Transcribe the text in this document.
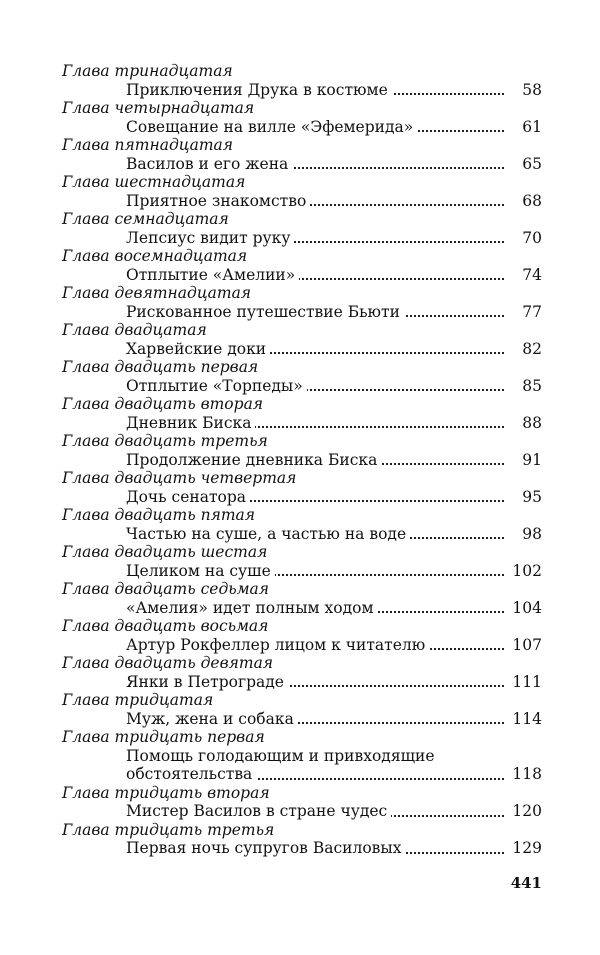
Глава тринадцатая
Приключения Друка в костюме	58
Глава четырнадцатая
Совещание на вилле «Эфемерида»	61
Глава пятнадцатая
Василов и его жена	65
Глава шестнадцатая
Приятное знакомство	68
Глава семнадцатая
Лепсиус видит руку	70
Глава восемнадцатая
Отплытие «Амелии»	74
Глава девятнадцатая
Рискованное путешествие Бьюти	77
Глава двадцатая
Харвейские доки	82
Глава двадцать первая
Отплытие «Торпеды»	85
Глава двадцать вторая
Дневник Биска	88
Глава двадцать третья
Продолжение дневника Биска	91
Глава двадцать четвертая
Дочь сенатора	95
Глава двадцать пятая
Частью на суше, а частью на воде	98
Глава двадцать шестая
Целиком на суше	102
Глава двадцать седьмая
«Амелия» идет полным ходом	104
Глава двадцать восьмая
Артур Рокфеллер лицом к читателю	107
Глава двадцать девятая
Янки в Петрограде	111
Глава тридцатая
Муж, жена и собака	114
Глава тридцать первая
Помощь голодающим и привходящие
обстоятельства	118
Глава тридцать вторая
Мистер Василов в стране чудес	120
Глава тридцать третья
Первая ночь супругов Василовых	129
441
